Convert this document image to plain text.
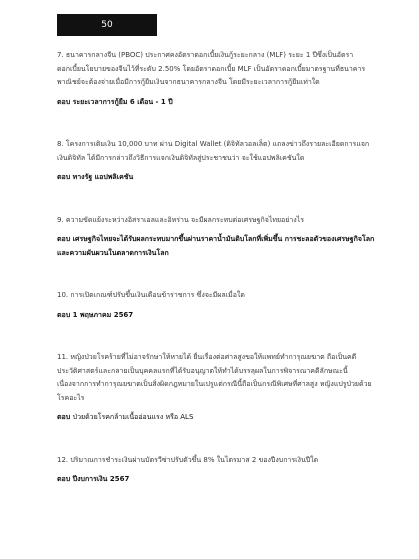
50

7. ธนาคารกลางจีน (PBOC) ประกาศคงอัตราดอกเบี้ยเงินกู้ระยะกลาง (MLF) ระยะ 1 ปีซึ่งเป็นอัตราดอกเบี้ยนโยบายของจีนไว้ที่ระดับ 2.50% โดยอัตราดอกเบี้ย MLF เป็นอัตราดอกเบี้ยมาตรฐานที่ธนาคารพาณิชย์จะต้องจ่ายเมื่อมีการกู้ยืมเงินจากธนาคารกลางจีน โดยมีระยะเวลาการกู้ยืมเท่าใด

ตอบ ระยะเวลาการกู้ยืม 6 เดือน - 1 ปี

8. โครงการเติมเงิน 10,000 บาท ผ่าน Digital Wallet (ดิจิทัลวอลเล็ต) แถลงข่าวถึงรายละเอียดการแจกเงินดิจิทัล ได้มีการกล่าวถึงวิธีการแจกเงินดิจิทัลสู่ประชาชนว่า จะใช้แอปพลิเคชันใด

ตอบ ทางรัฐ แอปพลิเคชัน

9. ความขัดแย้งระหว่างอิสราเอลและอิหร่าน จะมีผลกระทบต่อเศรษฐกิจไทยอย่างไร

ตอบ เศรษฐกิจไทยจะได้รับผลกระทบมากขึ้นผ่านราคาน้ำมันดิบโลกที่เพิ่มขึ้น การชะลอตัวของเศรษฐกิจโลก และความผันผวนในตลาดการเงินโลก

10. การเปิดเกณฑ์ปรับขึ้นเงินเดือนข้าราชการ ซึ่งจะมีผลเมื่อใด

ตอบ 1 พฤษภาคม 2567

11. หญิงป่วยโรคร้ายที่ไม่อาจรักษาให้หายได้ ยื่นเรื่องต่อศาลสูงขอให้แพทย์ทำการุณยฆาต ถือเป็นคดีประวัติศาสตร์และกลายเป็นบุคคลแรกที่ได้รับอนุญาตให้ทำได้บรรลุผลในการพิจารณาคดีลักษณะนี้ เนื่องจากการทำการุณยฆาตเป็นสิ่งผิดกฎหมายในเปรูแต่กรณีนี้ถือเป็นกรณีพิเศษที่ศาลสูง หญิงแปรูป่วยด้วยโรคอะไร

ตอบ ป่วยด้วยโรคกล้ามเนื้ออ่อนแรง หรือ ALS

12. ปริมาณการชำระเงินผ่านบัตรวีซ่าปรับตัวขึ้น 8% ในไตรมาส 2 ของปีงบการเงินปีใด

ตอบ ปีงบการเงิน 2567
